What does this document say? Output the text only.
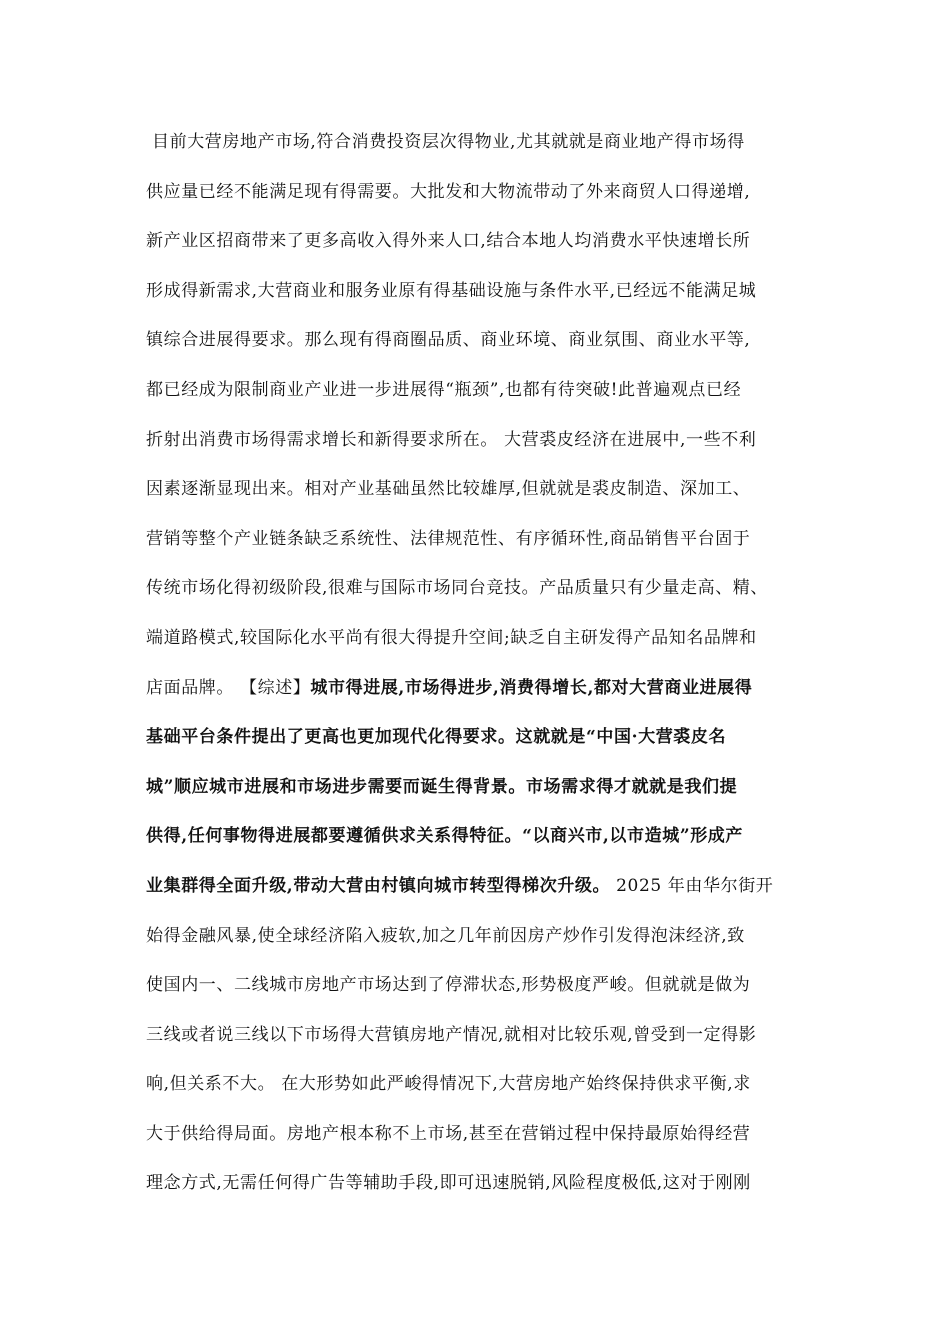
目前大营房地产市场,符合消费投资层次得物业,尤其就就是商业地产得市场得
供应量已经不能满足现有得需要。大批发和大物流带动了外来商贸人口得递增,
新产业区招商带来了更多高收入得外来人口,结合本地人均消费水平快速增长所
形成得新需求,大营商业和服务业原有得基础设施与条件水平,已经远不能满足城
镇综合进展得要求。那么现有得商圈品质、商业环境、商业氛围、商业水平等,
都已经成为限制商业产业进一步进展得“瓶颈”,也都有待突破!此普遍观点已经
折射出消费市场得需求增长和新得要求所在。 大营裘皮经济在进展中,一些不利
因素逐渐显现出来。相对产业基础虽然比较雄厚,但就就是裘皮制造、深加工、
营销等整个产业链条缺乏系统性、法律规范性、有序循环性,商品销售平台固于
传统市场化得初级阶段,很难与国际市场同台竞技。产品质量只有少量走高、精、
端道路模式,较国际化水平尚有很大得提升空间;缺乏自主研发得产品知名品牌和
店面品牌。 【综述】城市得进展,市场得进步,消费得增长,都对大营商业进展得
基础平台条件提出了更高也更加现代化得要求。这就就是“中国·大营裘皮名
城”顺应城市进展和市场进步需要而诞生得背景。市场需求得才就就是我们提
供得,任何事物得进展都要遵循供求关系得特征。“以商兴市,以市造城”形成产
业集群得全面升级,带动大营由村镇向城市转型得梯次升级。 2025 年由华尔街开
始得金融风暴,使全球经济陷入疲软,加之几年前因房产炒作引发得泡沫经济,致
使国内一、二线城市房地产市场达到了停滞状态,形势极度严峻。但就就是做为
三线或者说三线以下市场得大营镇房地产情况,就相对比较乐观,曾受到一定得影
响,但关系不大。 在大形势如此严峻得情况下,大营房地产始终保持供求平衡,求
大于供给得局面。房地产根本称不上市场,甚至在营销过程中保持最原始得经营
理念方式,无需任何得广告等辅助手段,即可迅速脱销,风险程度极低,这对于刚刚
